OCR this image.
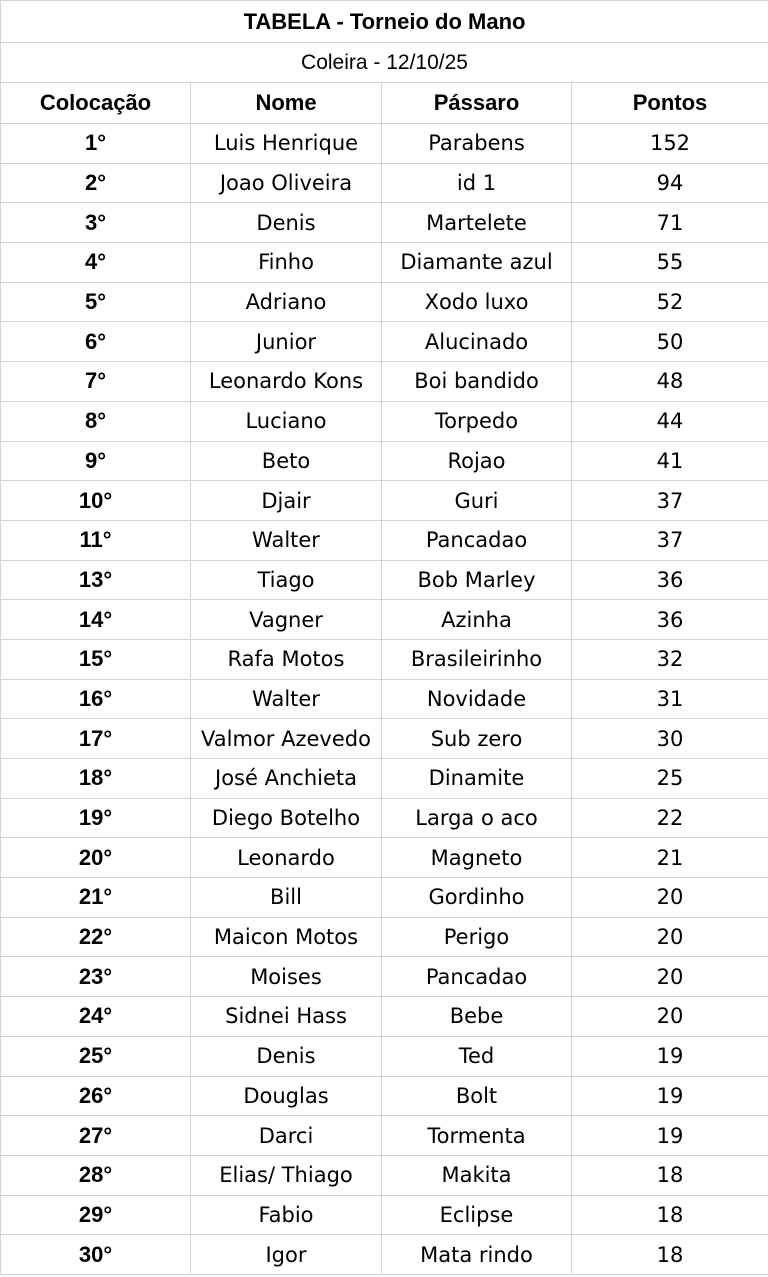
TABELA - Torneio do Mano			
Coleira - 12/10/25			
Colocação	Nome	Pássaro	Pontos
1°	Luis Henrique	Parabens	152
2°	Joao Oliveira	id 1	94
3°	Denis	Martelete	71
4°	Finho	Diamante azul	55
5°	Adriano	Xodo luxo	52
6°	Junior	Alucinado	50
7°	Leonardo Kons	Boi bandido	48
8°	Luciano	Torpedo	44
9°	Beto	Rojao	41
10°	Djair	Guri	37
11°	Walter	Pancadao	37
13°	Tiago	Bob Marley	36
14°	Vagner	Azinha	36
15°	Rafa Motos	Brasileirinho	32
16°	Walter	Novidade	31
17°	Valmor Azevedo	Sub zero	30
18°	José Anchieta	Dinamite	25
19°	Diego Botelho	Larga o aco	22
20°	Leonardo	Magneto	21
21°	Bill	Gordinho	20
22°	Maicon Motos	Perigo	20
23°	Moises	Pancadao	20
24°	Sidnei Hass	Bebe	20
25°	Denis	Ted	19
26°	Douglas	Bolt	19
27°	Darci	Tormenta	19
28°	Elias/ Thiago	Makita	18
29°	Fabio	Eclipse	18
30°	Igor	Mata rindo	18
